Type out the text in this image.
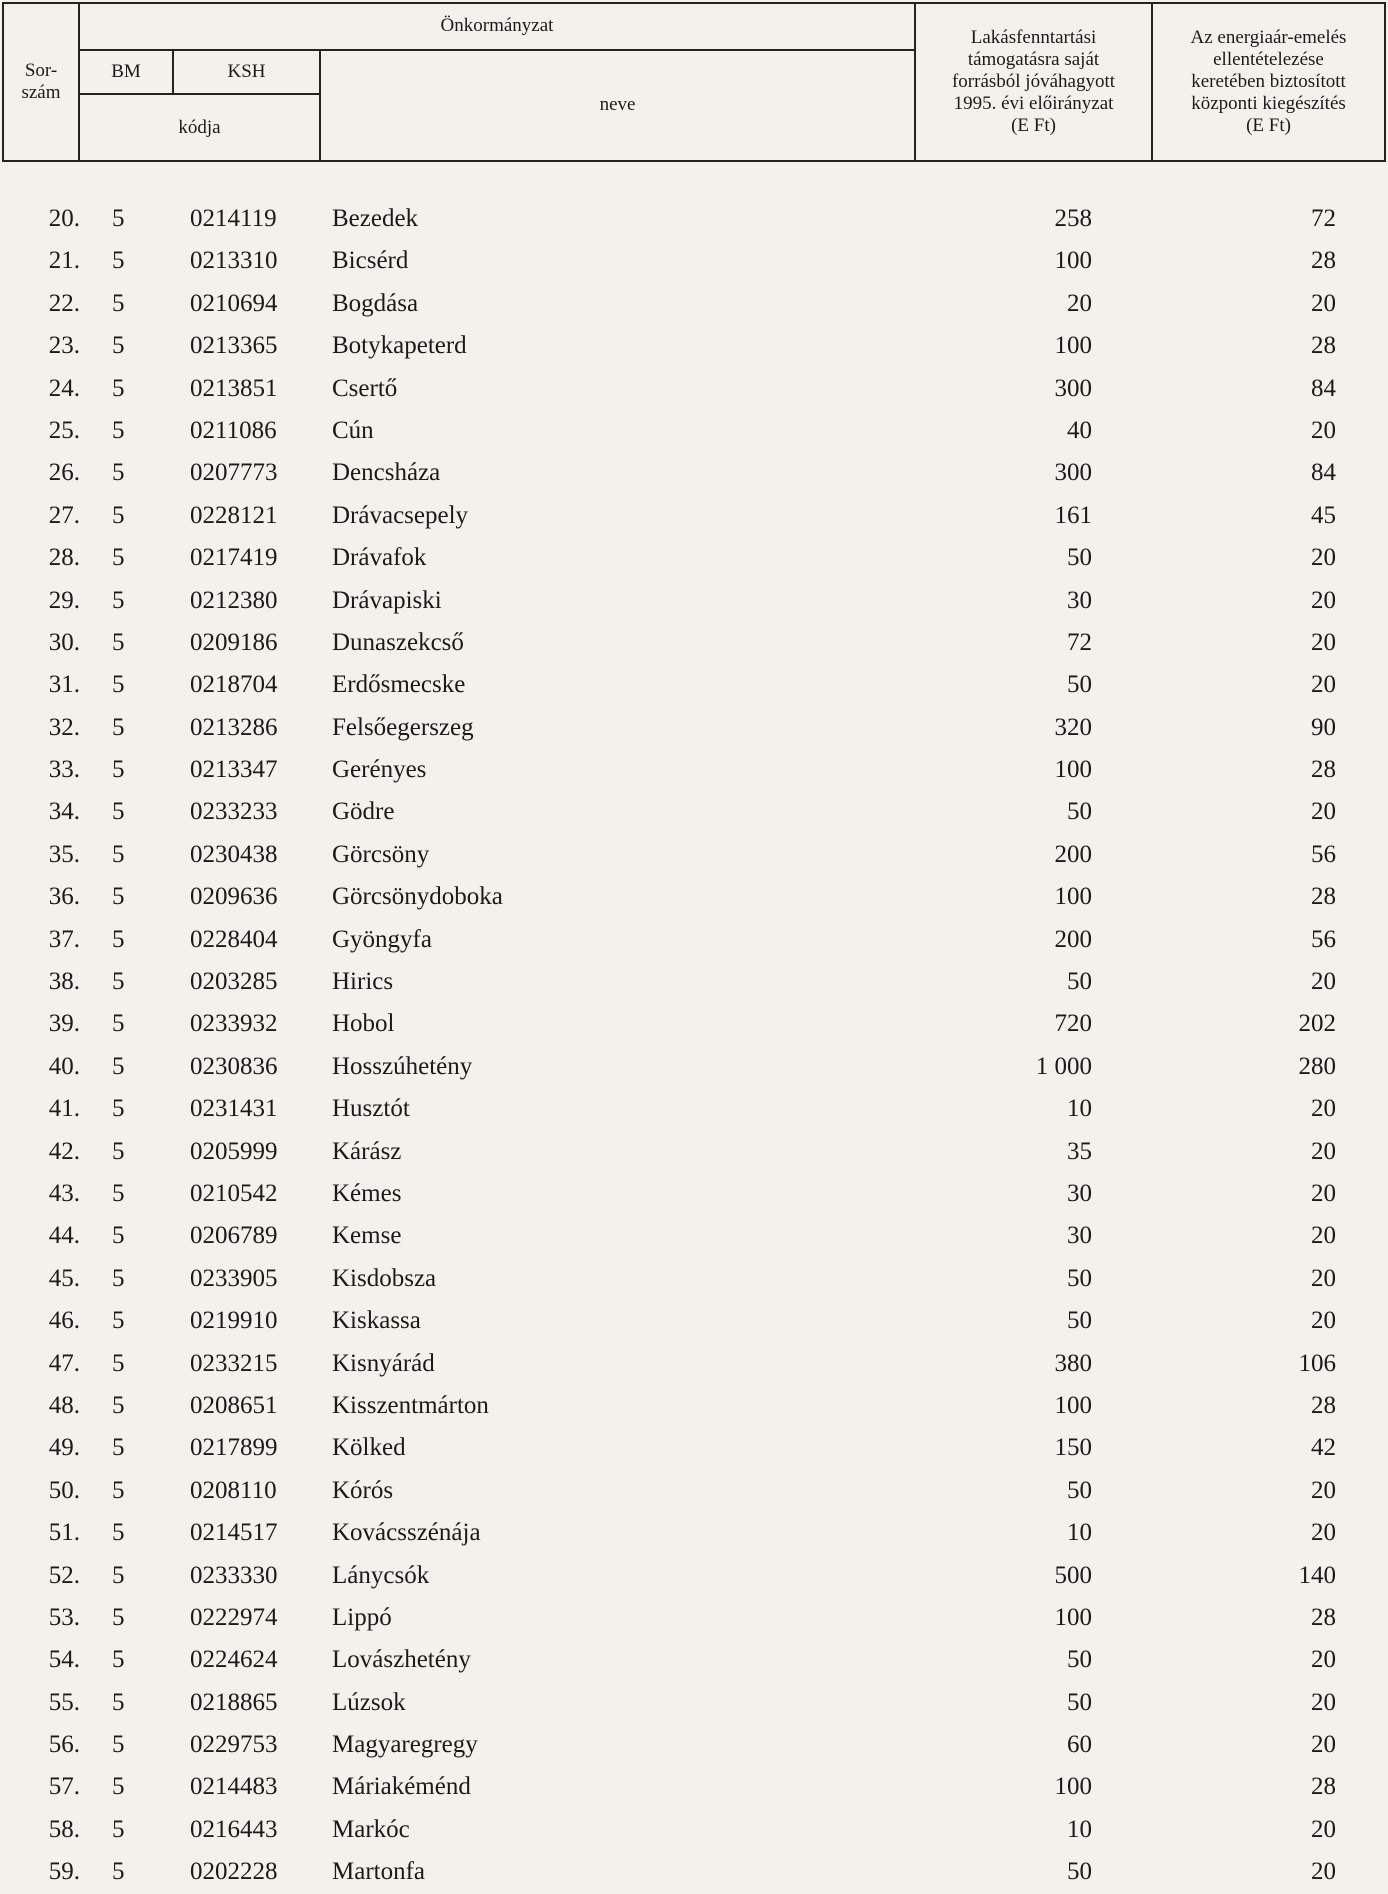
Sor-
szám	Önkormányzat			Lakásfenntartási
támogatásra saját
forrásból jóváhagyott
1995. évi előirányzat
(E Ft)	Az energiaár-emelés
ellentételezése
keretében biztosított
központi kiegészítés
(E Ft)
	BM	KSH	neve		
	kódja				
20. 5	0214119 Bezedek	258	72
21. 5	0213310 Bicsérd	100	28
22. 5	0210694 Bogdása	20	20
23. 5	0213365 Botykapeterd	100	28
24. 5	0213851 Csertő	300	84
25. 5	0211086 Cún	40	20
26. 5	0207773 Dencsháza	300	84
27. 5	0228121 Drávacsepely	161	45
28. 5	0217419 Drávafok	50	20
29. 5	0212380 Drávapiski	30	20
30. 5	0209186 Dunaszekcső	72	20
31. 5	0218704 Erdősmecske	50	20
32. 5	0213286 Felsőegerszeg	320	90
33. 5	0213347 Gerényes	100	28
34. 5	0233233 Gödre	50	20
35. 5	0230438 Görcsöny	200	56
36. 5	0209636 Görcsönydoboka	100	28
37. 5	0228404 Gyöngyfa	200	56
38. 5	0203285 Hirics	50	20
39. 5	0233932 Hobol	720	202
40. 5	0230836 Hosszúhetény	1 000	280
41. 5	0231431 Husztót	10	20
42. 5	0205999 Kárász	35	20
43. 5	0210542 Kémes	30	20
44. 5	0206789 Kemse	30	20
45. 5	0233905 Kisdobsza	50	20
46. 5	0219910 Kiskassa	50	20
47. 5	0233215 Kisnyárád	380	106
48. 5	0208651 Kisszentmárton	100	28
49. 5	0217899 Kölked	150	42
50. 5	0208110 Kórós	50	20
51. 5	0214517 Kovácsszénája	10	20
52. 5	0233330 Lánycsók	500	140
53. 5	0222974 Lippó	100	28
54. 5	0224624 Lovászhetény	50	20
55. 5	0218865 Lúzsok	50	20
56. 5	0229753 Magyaregregy	60	20
57. 5	0214483 Máriakéménd	100	28
58. 5	0216443 Markóc	10	20
59. 5	0202228 Martonfa	50	20
